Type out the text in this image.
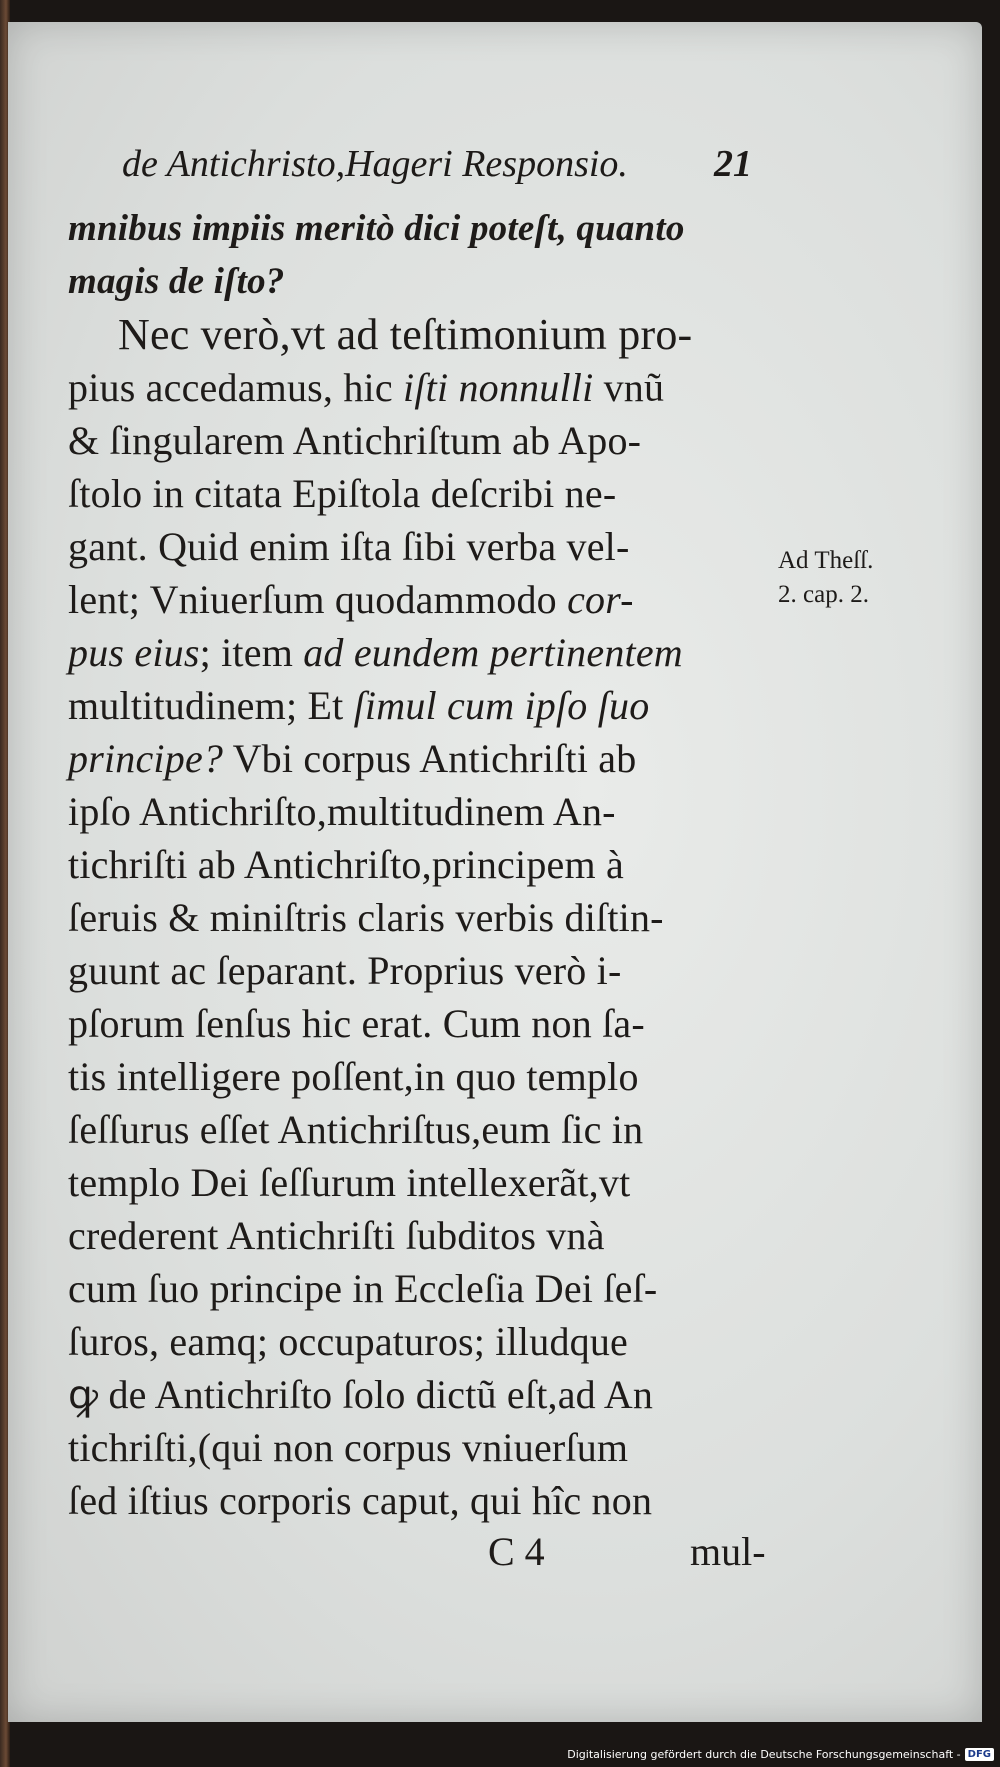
de Antichristo,Hageri Responsio. 21
mnibus impiis meritò dici poteſt, quanto
magis de iſto?
Nec verò,vt ad teſtimonium pro-
pius accedamus, hic iſti nonnulli vnũ
& ſingularem Antichriſtum ab Apo-
ſtolo in citata Epiſtola deſcribi ne-
gant. Quid enim iſta ſibi verba vel-
lent; Vniuerſum quodammodo cor-
pus eius; item ad eundem pertinentem
multitudinem; Et ſimul cum ipſo ſuo
principe? Vbi corpus Antichriſti ab
ipſo Antichriſto,multitudinem An-
tichriſti ab Antichriſto,principem à
ſeruis & miniſtris claris verbis diſtin-
guunt ac ſeparant. Proprius verò i-
pſorum ſenſus hic erat. Cum non ſa-
tis intelligere poſſent,in quo templo
ſeſſurus eſſet Antichriſtus,eum ſic in
templo Dei ſeſſurum intellexerãt,vt
crederent Antichriſti ſubditos vnà
cum ſuo principe in Eccleſia Dei ſeſ-
ſuros, eamq; occupaturos; illudque
ꝙ de Antichriſto ſolo dictũ eſt,ad An
tichriſti,(qui non corpus vniuerſum
ſed iſtius corporis caput, qui hîc non
Ad Theſſ.
2. cap. 2.
C 4	mul-
Digitalisierung gefördert durch die Deutsche Forschungsgemeinschaft - DFG
